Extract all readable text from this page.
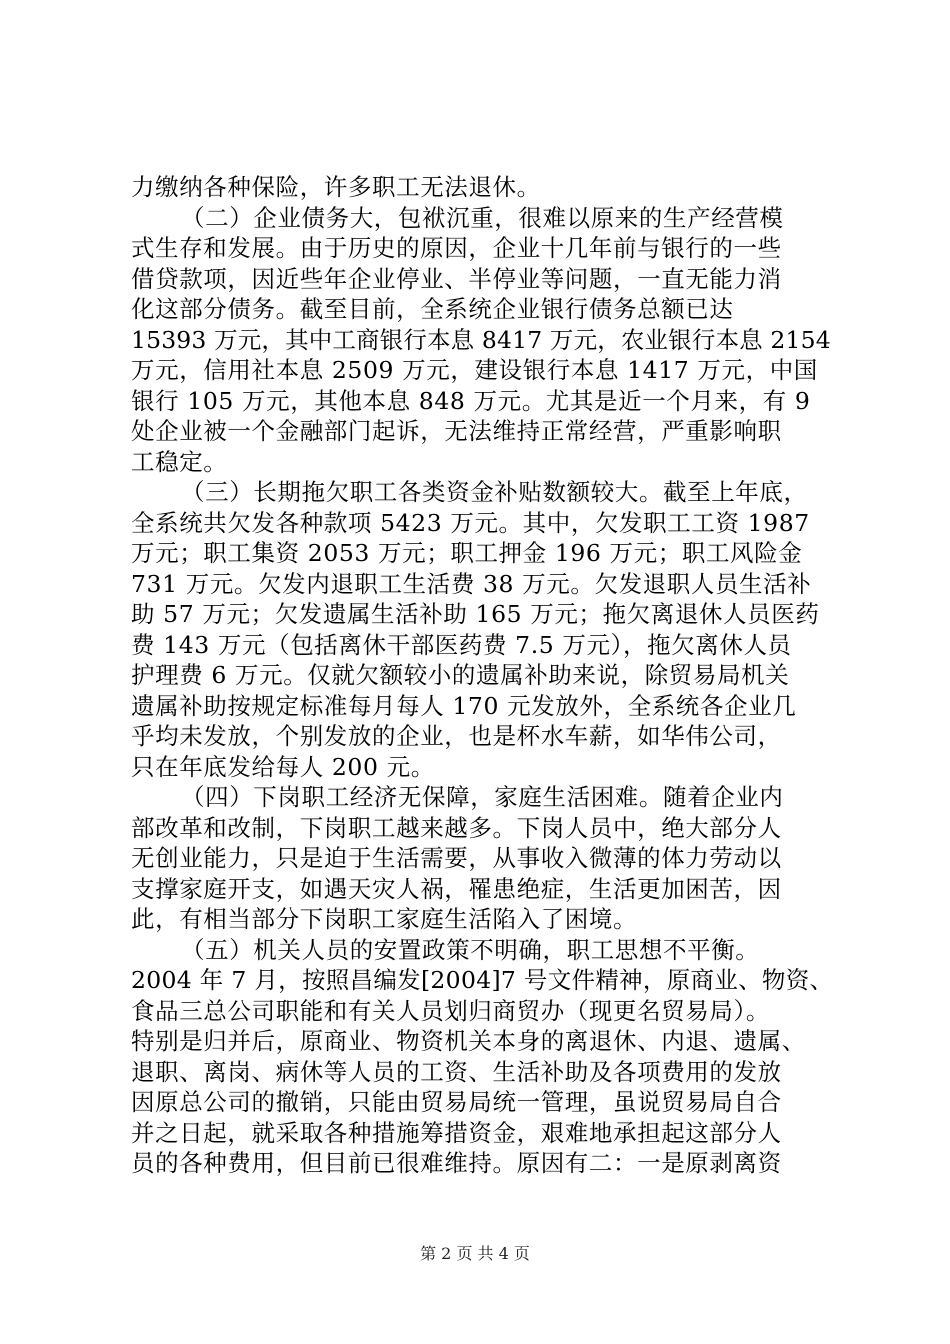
力缴纳各种保险，许多职工无法退休。
（二）企业债务大，包袱沉重，很难以原来的生产经营模
式生存和发展。由于历史的原因，企业十几年前与银行的一些
借贷款项，因近些年企业停业、半停业等问题，一直无能力消
化这部分债务。截至目前，全系统企业银行债务总额已达
15393 万元，其中工商银行本息 8417 万元，农业银行本息 2154
万元，信用社本息 2509 万元，建设银行本息 1417 万元，中国
银行 105 万元，其他本息 848 万元。尤其是近一个月来，有 9
处企业被一个金融部门起诉，无法维持正常经营，严重影响职
工稳定。
（三）长期拖欠职工各类资金补贴数额较大。截至上年底，
全系统共欠发各种款项 5423 万元。其中，欠发职工工资 1987
万元；职工集资 2053 万元；职工押金 196 万元；职工风险金
731 万元。欠发内退职工生活费 38 万元。欠发退职人员生活补
助 57 万元；欠发遗属生活补助 165 万元；拖欠离退休人员医药
费 143 万元（包括离休干部医药费 7.5 万元），拖欠离休人员
护理费 6 万元。仅就欠额较小的遗属补助来说，除贸易局机关
遗属补助按规定标准每月每人 170 元发放外，全系统各企业几
乎均未发放，个别发放的企业，也是杯水车薪，如华伟公司，
只在年底发给每人 200 元。
（四）下岗职工经济无保障，家庭生活困难。随着企业内
部改革和改制，下岗职工越来越多。下岗人员中，绝大部分人
无创业能力，只是迫于生活需要，从事收入微薄的体力劳动以
支撑家庭开支，如遇天灾人祸，罹患绝症，生活更加困苦，因
此，有相当部分下岗职工家庭生活陷入了困境。
（五）机关人员的安置政策不明确，职工思想不平衡。
2004 年 7 月，按照昌编发[2004]7 号文件精神，原商业、物资、
食品三总公司职能和有关人员划归商贸办（现更名贸易局）。
特别是归并后，原商业、物资机关本身的离退休、内退、遗属、
退职、离岗、病休等人员的工资、生活补助及各项费用的发放
因原总公司的撤销，只能由贸易局统一管理，虽说贸易局自合
并之日起，就采取各种措施筹措资金，艰难地承担起这部分人
员的各种费用，但目前已很难维持。原因有二：一是原剥离资
第 2 页 共 4 页
